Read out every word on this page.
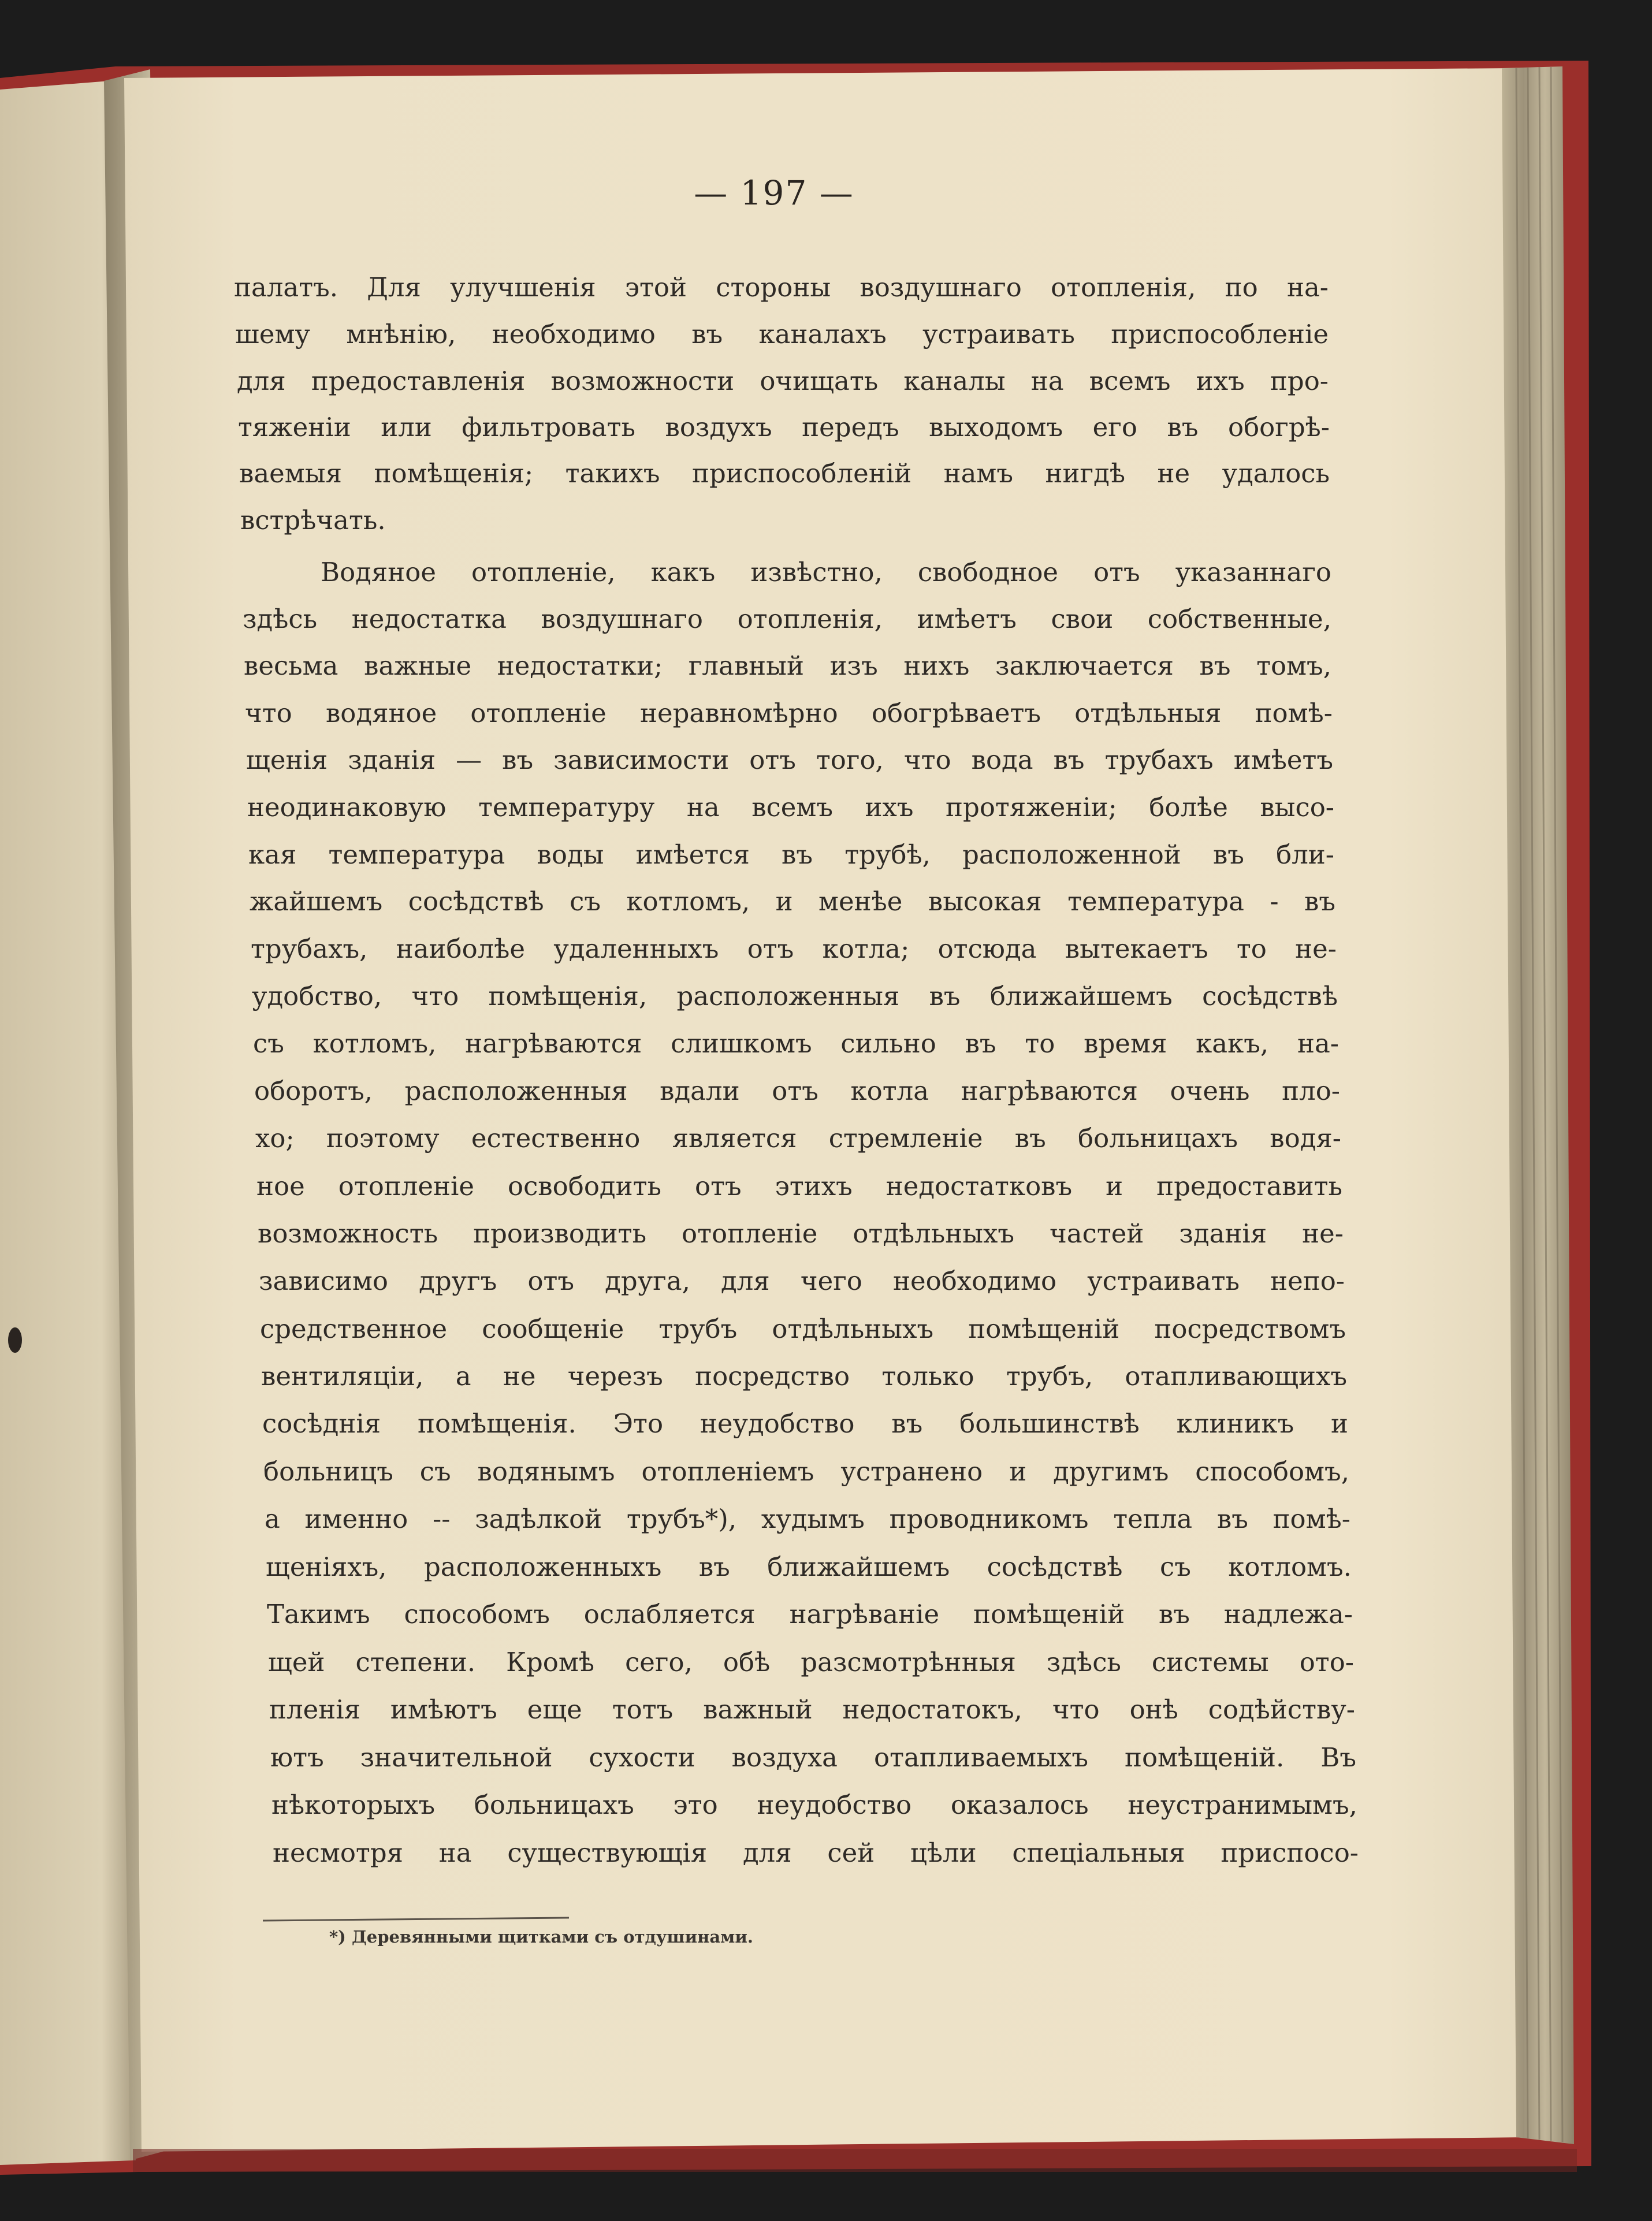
— 197 —
палатъ. Для улучшенія этой стороны воздушнаго отопленія, по на-
шему мнѣнію, необходимо въ каналахъ устраивать приспособленіе
для предоставленія возможности очищать каналы на всемъ ихъ про-
тяженіи или фильтровать воздухъ передъ выходомъ его въ обогрѣ-
ваемыя помѣщенія; такихъ приспособленій намъ нигдѣ не удалось
встрѣчать.
Водяное отопленіе, какъ извѣстно, свободное отъ указаннаго
здѣсь недостатка воздушнаго отопленія, имѣетъ свои собственные,
весьма важные недостатки; главный изъ нихъ заключается въ томъ,
что водяное отопленіе неравномѣрно обогрѣваетъ отдѣльныя помѣ-
щенія зданія — въ зависимости отъ того, что вода въ трубахъ имѣетъ
неодинаковую температуру на всемъ ихъ протяженіи; болѣе высо-
кая температура воды имѣется въ трубѣ, расположенной въ бли-
жайшемъ сосѣдствѣ съ котломъ, и менѣе высокая температура - въ
трубахъ, наиболѣе удаленныхъ отъ котла; отсюда вытекаетъ то не-
удобство, что помѣщенія, расположенныя въ ближайшемъ сосѣдствѣ
съ котломъ, нагрѣваются слишкомъ сильно въ то время какъ, на-
оборотъ, расположенныя вдали отъ котла нагрѣваются очень пло-
хо; поэтому естественно является стремленіе въ больницахъ водя-
ное отопленіе освободить отъ этихъ недостатковъ и предоставить
возможность производить отопленіе отдѣльныхъ частей зданія не-
зависимо другъ отъ друга, для чего необходимо устраивать непо-
средственное сообщеніе трубъ отдѣльныхъ помѣщеній посредствомъ
вентиляціи, а не черезъ посредство только трубъ, отапливающихъ
сосѣднія помѣщенія. Это неудобство въ большинствѣ клиникъ и
больницъ съ водянымъ отопленіемъ устранено и другимъ способомъ,
а именно -- задѣлкой трубъ*), худымъ проводникомъ тепла въ помѣ-
щеніяхъ, расположенныхъ въ ближайшемъ сосѣдствѣ съ котломъ.
Такимъ способомъ ослабляется нагрѣваніе помѣщеній въ надлежа-
щей степени. Кромѣ сего, обѣ разсмотрѣнныя здѣсь системы ото-
пленія имѣютъ еще тотъ важный недостатокъ, что онѣ содѣйству-
ютъ значительной сухости воздуха отапливаемыхъ помѣщеній. Въ
нѣкоторыхъ больницахъ это неудобство оказалось неустранимымъ,
несмотря на существующія для сей цѣли спеціальныя приспосо-
*) Деревянными щитками съ отдушинами.
